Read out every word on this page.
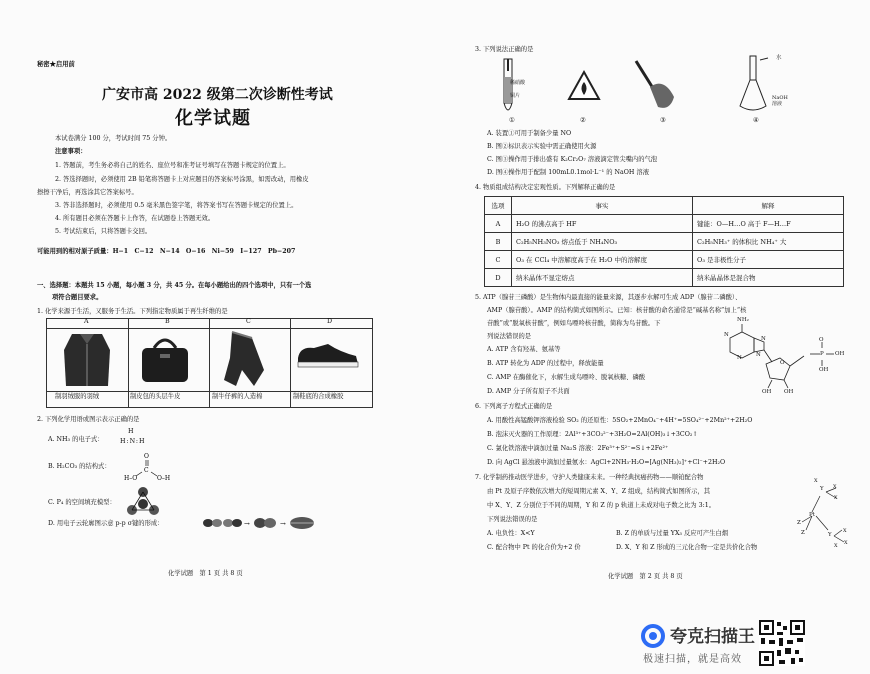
秘密★启用前
广安市高 2022 级第二次诊断性考试
化学试题
本试卷满分 100 分，考试时间 75 分钟。
注意事项：
1. 答题前，考生务必将自己的姓名、座位号和准考证号填写在答题卡规定的位置上。
2. 答选择题时，必须使用 2B 铅笔将答题卡上对应题目的答案标号涂黑，如需改动，用橡皮
擦擦干净后，再选涂其它答案标号。
3. 答非选择题时，必须使用 0.5 毫米黑色签字笔，将答案书写在答题卡规定的位置上。
4. 所有题目必须在答题卡上作答，在试题卷上答题无效。
5. 考试结束后，只将答题卡交回。
可能用到的相对原子质量：H−1　C−12　N−14　O−16　Ni−59　I−127　Pb−207
一、选择题：本题共 15 小题，每小题 3 分，共 45 分。在每小题给出的四个选项中，只有一个选
项符合题目要求。
1. 化学来源于生活，又服务于生活。下列指定物质属于再生纤维的是
A	B	C	D
制羽绒服的羽绒	制皮包的头层牛皮	制牛仔裤的人造棉	制鞋底的合成橡胶
2. 下列化学用语或图示表示正确的是
A. NH₃ 的电子式：
H
H:N:H
B. H₂CO₃ 的结构式：
O
C
H–O	O–H
C. P₄ 的空间填充模型：
D. 用电子云轮廓图示意 p-p σ键的形成：	→	→
化学试题　第 1 页 共 8 页
3. 下列说法正确的是
稀硝酸
铜片
水
NaOH 溶液
①	②	③	④
A. 装置①可用于制备少量 NO
B. 图②标识表示实验中需正确使用火源
C. 图③操作用于排出盛有 K₂Cr₂O₇ 溶液滴定管尖嘴内的气泡
D. 图④操作用于配制 100mL0.1mol·L⁻¹ 的 NaOH 溶液
4. 物质组成结构决定宏观性质。下列解释正确的是
选项	事实	解释
A	H₂O 的沸点高于 HF	键能：O—H…O 高于 F—H…F
B	C₂H₅NH₃NO₃ 熔点低于 NH₄NO₃	C₂H₅NH₃⁺ 的体积比 NH₄⁺ 大
C	O₃ 在 CCl₄ 中溶解度高于在 H₂O 中的溶解度	O₃ 是非极性分子
D	纳米晶体不显定熔点	纳米晶晶体是混合物
5. ATP（腺苷三磷酸）是生物体内最直接的能量来源，其逐步水解可生成 ADP（腺苷二磷酸）、
AMP（腺苷酸）。AMP 的结构简式如图所示。已知：核苷酸的命名通常是“碱基名称”加上“核
苷酸”或“脱氧核苷酸”，例如鸟嘌呤核苷酸，简称为鸟苷酸。下
列说法错误的是
A. ATP 含有羟基、氨基等
B. ATP 转化为 ADP 的过程中，释放能量
C. AMP 在酶催化下，水解生成鸟嘌呤、脱氧核糖、磷酸
D. AMP 分子所有原子不共面
NH₂
N
N
N
N
O
P OH
OH
OH OH
O
6. 下列离子方程式正确的是
A. 用酸性高锰酸钾溶液检验 SO₂ 的还原性：5SO₂+2MnO₄⁻+4H⁺=5SO₄²⁻+2Mn²⁺+2H₂O
B. 泡沫灭火器的工作原理：2Al³⁺+3CO₃²⁻+3H₂O=2Al(OH)₃↓+3CO₂↑
C. 氯化铁溶液中滴加过量 Na₂S 溶液：2Fe³⁺+S²⁻=S↓+2Fe²⁺
D. 向 AgCl 悬浊液中滴加过量氨水：AgCl+2NH₃·H₂O=[Ag(NH₃)₂]⁺+Cl⁻+2H₂O
7. 化学制药推动医学进步，守护人类健康未来。一种经典抗癌药物——顺铂配合物
由 Pt 及原子序数依次增大的短周期元素 X、Y、Z 组成，结构简式如图所示，其
中 X、Y、Z 分别位于不同的周期，Y 和 Z 的 p 轨道上未成对电子数之比为 3:1。
下列说法错误的是
A. 电负性：X<Y	B. Z 的单质与过量 YX₃ 反应可产生白烟
C. 配合物中 Pt 的化合价为+2 价	D. X、Y 和 Z 形成的三元化合物一定是共价化合物
Y X
X
X
Pt
Z
Z	Y
X
X
X
化学试题　第 2 页 共 8 页
夸克扫描王
极速扫描，就是高效
